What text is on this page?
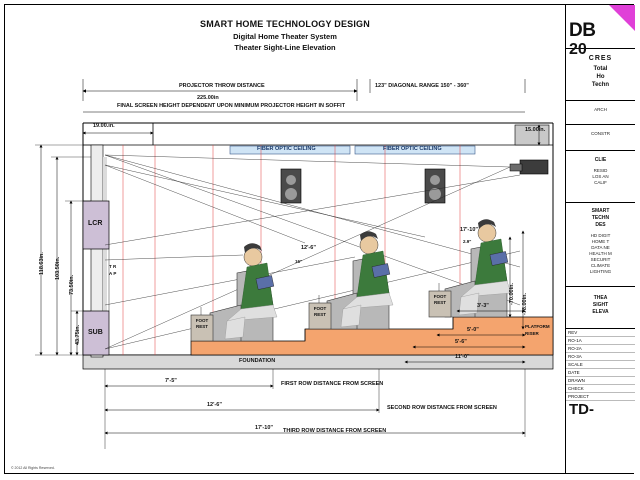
SMART HOME TECHNOLOGY DESIGN
Digital Home Theater System
Theater Sight-Line Elevation
PROJECTOR THROW DISTANCE
225.00in
123" DIAGONAL RANGE 150" - 360"
FINAL SCREEN HEIGHT DEPENDENT UPON MINIMUM PROJECTOR HEIGHT IN SOFFIT
19.00.in.
15.00in.
118.63in. 103.50in.
73.50in.
43.75in.
FIBER OPTIC CEILING	FIBER OPTIC CEILING
LCR
SUB
T R A P
12'-6"
16"
17'-10"
2.9"
-70.00in. -78.00in.
FOOT REST
FOOT REST
FOOT REST
3'-3"
5'-0"
5'-6"
11'-0"
PLATFORM RISER
FOUNDATION
7'-5"	FIRST ROW DISTANCE FROM SCREEN
12'-6"	SECOND ROW DISTANCE FROM SCREEN
17'-10" THIRD ROW DISTANCE FROM SCREEN
© 2012 All Rights Reserved.
DB
20
CRES
Total
Ho
Techn
ARCH
CONSTR
CLIE
RESID
LOS AN
CALIF
SMART
TECHN
DES
HD DIGIT
HOME T
DATA NE
HEALTH M
SECURIT
CLIMATE
LIGHTING
THEA
SIGHT
ELEVA
REV
RO-1A
RO-2A
RO-3A
SCALE
DATE
DRAWN
CHECK
PROJECT
TD-
